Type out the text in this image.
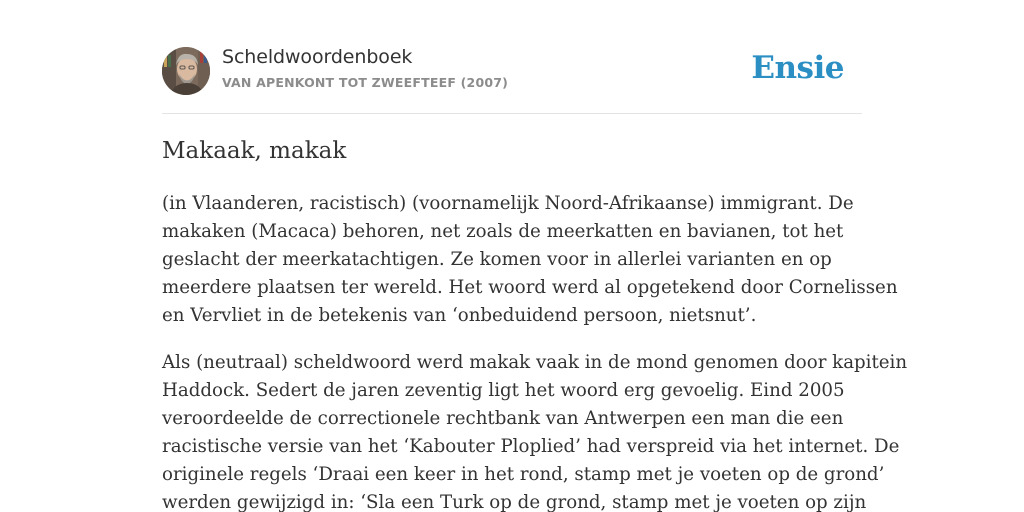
Scheldwoordenboek
VAN APENKONT TOT ZWEEFTEEF (2007)	Ensie
Makaak, makak

(in Vlaanderen, racistisch) (voornamelijk Noord-Afrikaanse) immigrant. De
makaken (Macaca) behoren, net zoals de meerkatten en bavianen, tot het
geslacht der meerkatachtigen. Ze komen voor in allerlei varianten en op
meerdere plaatsen ter wereld. Het woord werd al opgetekend door Cornelissen
en Vervliet in de betekenis van ‘onbeduidend persoon, nietsnut’.

Als (neutraal) scheldwoord werd makak vaak in de mond genomen door kapitein
Haddock. Sedert de jaren zeventig ligt het woord erg gevoelig. Eind 2005
veroordeelde de correctionele rechtbank van Antwerpen een man die een
racistische versie van het ‘Kabouter Ploplied’ had verspreid via het internet. De
originele regels ‘Draai een keer in het rond, stamp met je voeten op de grond’
werden gewijzigd in: ‘Sla een Turk op de grond, stamp met je voeten op zijn
